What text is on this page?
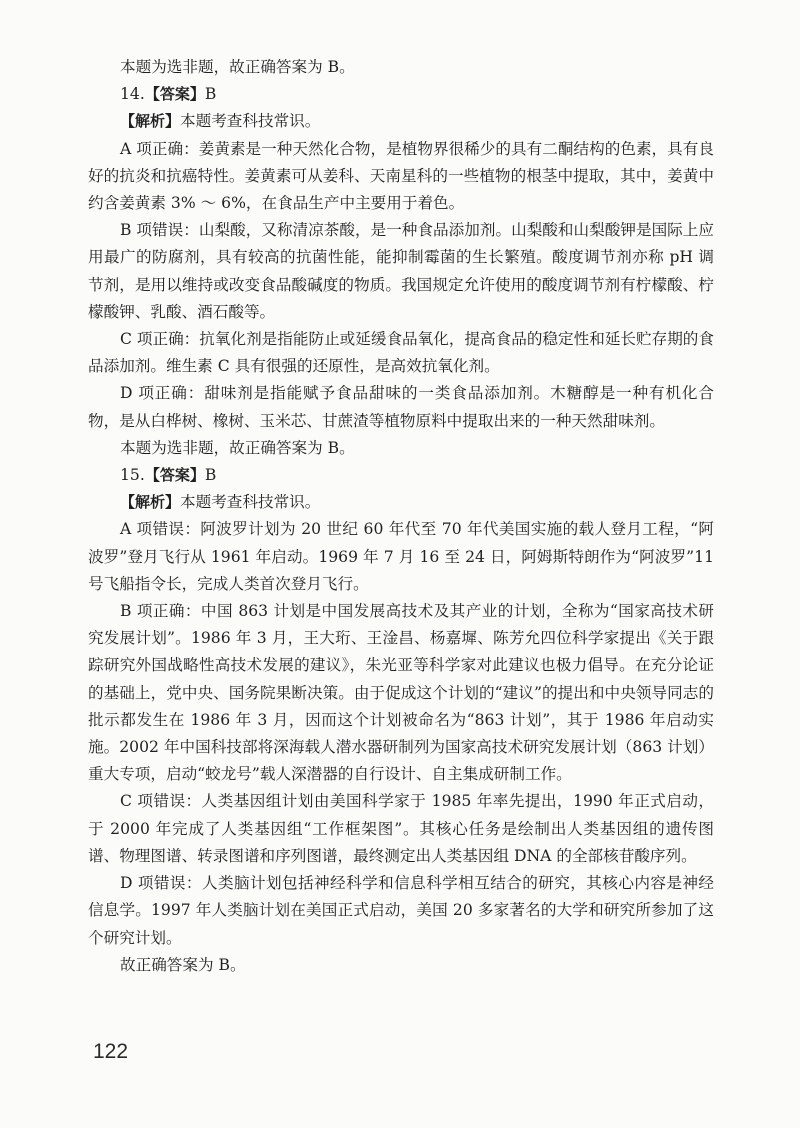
本题为选非题，故正确答案为 B。

14.【答案】B

【解析】本题考查科技常识。

A 项正确：姜黄素是一种天然化合物，是植物界很稀少的具有二酮结构的色素，具有良好的抗炎和抗癌特性。姜黄素可从姜科、天南星科的一些植物的根茎中提取，其中，姜黄中约含姜黄素 3% ～ 6%，在食品生产中主要用于着色。

B 项错误：山梨酸，又称清凉茶酸，是一种食品添加剂。山梨酸和山梨酸钾是国际上应用最广的防腐剂，具有较高的抗菌性能，能抑制霉菌的生长繁殖。酸度调节剂亦称 pH 调节剂，是用以维持或改变食品酸碱度的物质。我国规定允许使用的酸度调节剂有柠檬酸、柠檬酸钾、乳酸、酒石酸等。

C 项正确：抗氧化剂是指能防止或延缓食品氧化，提高食品的稳定性和延长贮存期的食品添加剂。维生素 C 具有很强的还原性，是高效抗氧化剂。

D 项正确：甜味剂是指能赋予食品甜味的一类食品添加剂。木糖醇是一种有机化合物，是从白桦树、橡树、玉米芯、甘蔗渣等植物原料中提取出来的一种天然甜味剂。

本题为选非题，故正确答案为 B。

15.【答案】B

【解析】本题考查科技常识。

A 项错误：阿波罗计划为 20 世纪 60 年代至 70 年代美国实施的载人登月工程，“阿波罗”登月飞行从 1961 年启动。1969 年 7 月 16 至 24 日，阿姆斯特朗作为“阿波罗”11 号飞船指令长，完成人类首次登月飞行。

B 项正确：中国 863 计划是中国发展高技术及其产业的计划，全称为“国家高技术研究发展计划”。1986 年 3 月，王大珩、王淦昌、杨嘉墀、陈芳允四位科学家提出《关于跟踪研究外国战略性高技术发展的建议》，朱光亚等科学家对此建议也极力倡导。在充分论证的基础上，党中央、国务院果断决策。由于促成这个计划的“建议”的提出和中央领导同志的批示都发生在 1986 年 3 月，因而这个计划被命名为“863 计划”，其于 1986 年启动实施。2002 年中国科技部将深海载人潜水器研制列为国家高技术研究发展计划（863 计划）重大专项，启动“蛟龙号”载人深潜器的自行设计、自主集成研制工作。

C 项错误：人类基因组计划由美国科学家于 1985 年率先提出，1990 年正式启动，于 2000 年完成了人类基因组“工作框架图”。其核心任务是绘制出人类基因组的遗传图谱、物理图谱、转录图谱和序列图谱，最终测定出人类基因组 DNA 的全部核苷酸序列。

D 项错误：人类脑计划包括神经科学和信息科学相互结合的研究，其核心内容是神经信息学。1997 年人类脑计划在美国正式启动，美国 20 多家著名的大学和研究所参加了这个研究计划。

故正确答案为 B。

122
